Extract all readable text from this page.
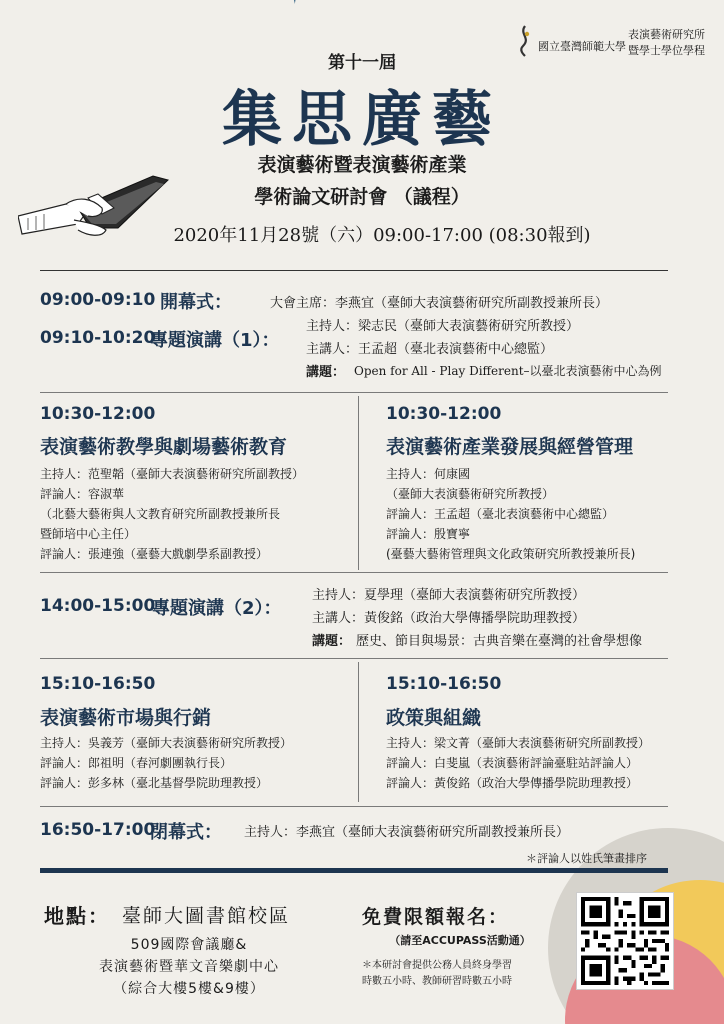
國立臺灣師範大學
表演藝術研究所
暨學士學位學程
第十一屆
集思廣藝
表演藝術暨表演藝術產業
學術論文研討會 （議程）
2020年11月28號（六）09:00-17:00 (08:30報到)
09:00-09:10 開幕式：	大會主席：李燕宜（臺師大表演藝術研究所副教授兼所長）
09:10-10:20
專題演講（1）：
主持人：梁志民（臺師大表演藝術研究所教授）
主講人：王孟超（臺北表演藝術中心總監）
講題： Open for All - Play Different–以臺北表演藝術中心為例
10:30-12:00
表演藝術教學與劇場藝術教育
主持人：范聖韜（臺師大表演藝術研究所副教授）
評論人：容淑華
（北藝大藝術與人文教育研究所副教授兼所長
暨師培中心主任）
評論人：張連強（臺藝大戲劇學系副教授）
10:30-12:00
表演藝術產業發展與經營管理
主持人：何康國
（臺師大表演藝術研究所教授）
評論人：王孟超（臺北表演藝術中心總監）
評論人：殷寶寧
(臺藝大藝術管理與文化政策研究所教授兼所長)
14:00-15:00
專題演講（2）：
主持人：夏學理（臺師大表演藝術研究所教授）
主講人：黃俊銘（政治大學傳播學院助理教授）
講題： 歷史、節目與場景：古典音樂在臺灣的社會學想像
15:10-16:50
表演藝術市場與行銷
主持人：吳義芳（臺師大表演藝術研究所教授）
評論人：郎祖明（春河劇團執行長）
評論人：彭多林（臺北基督學院助理教授）
15:10-16:50
政策與組織
主持人：梁文菁（臺師大表演藝術研究所副教授）
評論人：白斐嵐（表演藝術評論臺駐站評論人）
評論人：黃俊銘（政治大學傳播學院助理教授）
16:50-17:00
閉幕式： 主持人：李燕宜（臺師大表演藝術研究所副教授兼所長）
＊評論人以姓氏筆畫排序
地點： 臺師大圖書館校區
509國際會議廳&
表演藝術暨華文音樂劇中心
（綜合大樓5樓&9樓）
免費限額報名：
（請至ACCUPASS活動通）
＊本研討會提供公務人員終身學習
時數五小時、教師研習時數五小時
